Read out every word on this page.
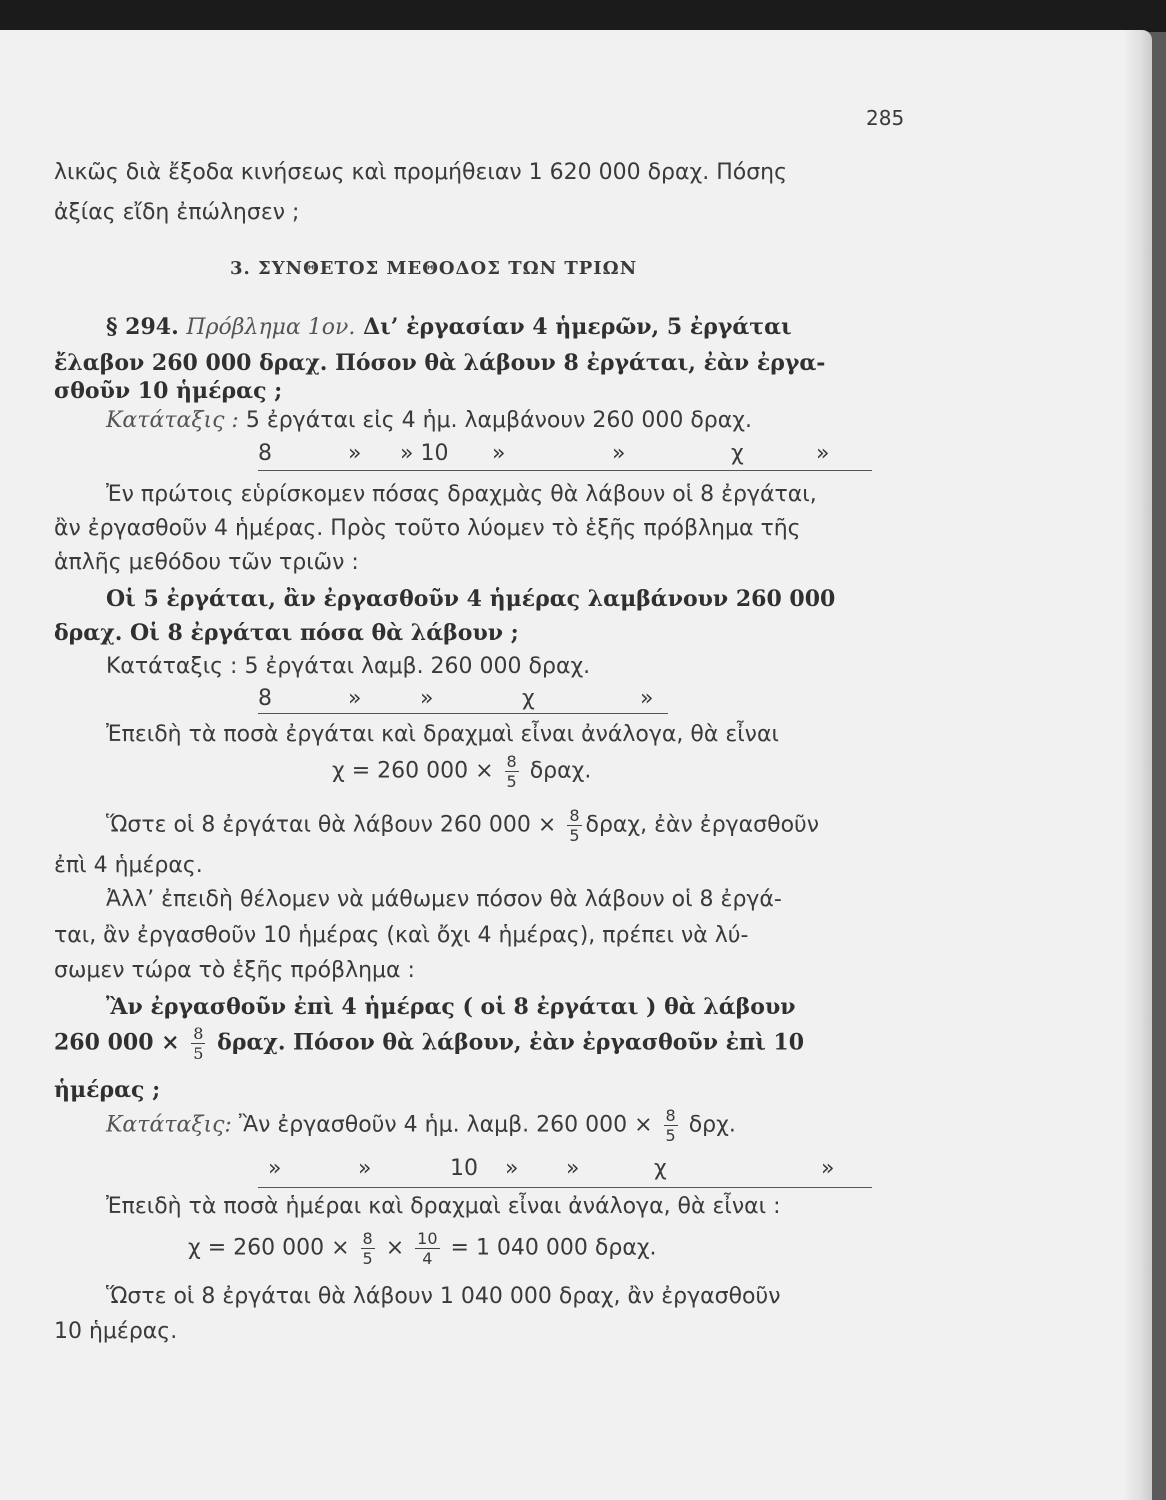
285
λικῶς διὰ ἔξοδα κινήσεως καὶ προμήθειαν 1 620 000 δραχ. Πόσης
ἀξίας εἴδη ἐπώλησεν ;
3. ΣΥΝΘΕΤΟΣ ΜΕΘΟΔΟΣ ΤΩΝ ΤΡΙΩΝ
§ 294. Πρόβλημα 1ον. Δι’ ἐργασίαν 4 ἡμερῶν, 5 ἐργάται
ἔλαβον 260 000 δραχ. Πόσον θὰ λάβουν 8 ἐργάται, ἐὰν ἐργα-
σθοῦν 10 ἡμέρας ;
Κατάταξις : 5 ἐργάται εἰς 4 ἡμ. λαμβάνουν 260 000 δραχ.
8	» » 10 »	»	χ	»
Ἐν πρώτοις εὑρίσκομεν πόσας δραχμὰς θὰ λάβουν οἱ 8 ἐργάται,
ἂν ἐργασθοῦν 4 ἡμέρας. Πρὸς τοῦτο λύομεν τὸ ἑξῆς πρόβλημα τῆς
ἁπλῆς μεθόδου τῶν τριῶν :
Οἱ 5 ἐργάται, ἂν ἐργασθοῦν 4 ἡμέρας λαμβάνουν 260 000
δραχ. Οἱ 8 ἐργάται πόσα θὰ λάβουν ;
Κατάταξις : 5 ἐργάται λαμβ. 260 000 δραχ.
8	»	»	χ	»
Ἐπειδὴ τὰ ποσὰ ἐργάται καὶ δραχμαὶ εἶναι ἀνάλογα, θὰ εἶναι
χ = 260 $000 \times \frac{8}{5} \delta\rho\alpha\chi$.
Ὥστε οἱ 8 ἐργάται θὰ λάβουν 260 $000 \times \frac{8}{5} \delta\rho\alpha\chi$, ἐὰν ἐργασθοῦν
ἐπὶ 4 ἡμέρας.
Ἀλλ’ ἐπειδὴ θέλομεν νὰ μάθωμεν πόσον θὰ λάβουν οἱ 8 ἐργά-
ται, ἂν ἐργασθοῦν 10 ἡμέρας (καὶ ὄχι 4 ἡμέρας), πρέπει νὰ λύ-
σωμεν τώρα τὸ ἑξῆς πρόβλημα :
Ἂν ἐργασθοῦν ἐπὶ 4 ἡμέρας ( οἱ 8 ἐργάται ) θὰ λάβουν
260 $000 \times \frac{8}{5} \delta\rho\alpha\chi$. Πόσον θὰ λάβουν, ἐὰν ἐργασθοῦν ἐπὶ 10
ἡμέρας ;
Κατάταξις: Ἂν ἐργασθοῦν 4 ἡμ. λαμβ. 260 $000 \times \frac{8}{5} \delta\rho\chi$.
»	»	10 » »	χ	»
Ἐπειδὴ τὰ ποσὰ ἡμέραι καὶ δραχμαὶ εἶναι ἀνάλογα, θὰ εἶναι :
χ = 260 $000 \times \frac{8}{5} \times \frac{10}{4} = 1$ 040 000 δραχ.
Ὥστε οἱ 8 ἐργάται θὰ λάβουν 1 040 000 δραχ, ἂν ἐργασθοῦν
10 ἡμέρας.
